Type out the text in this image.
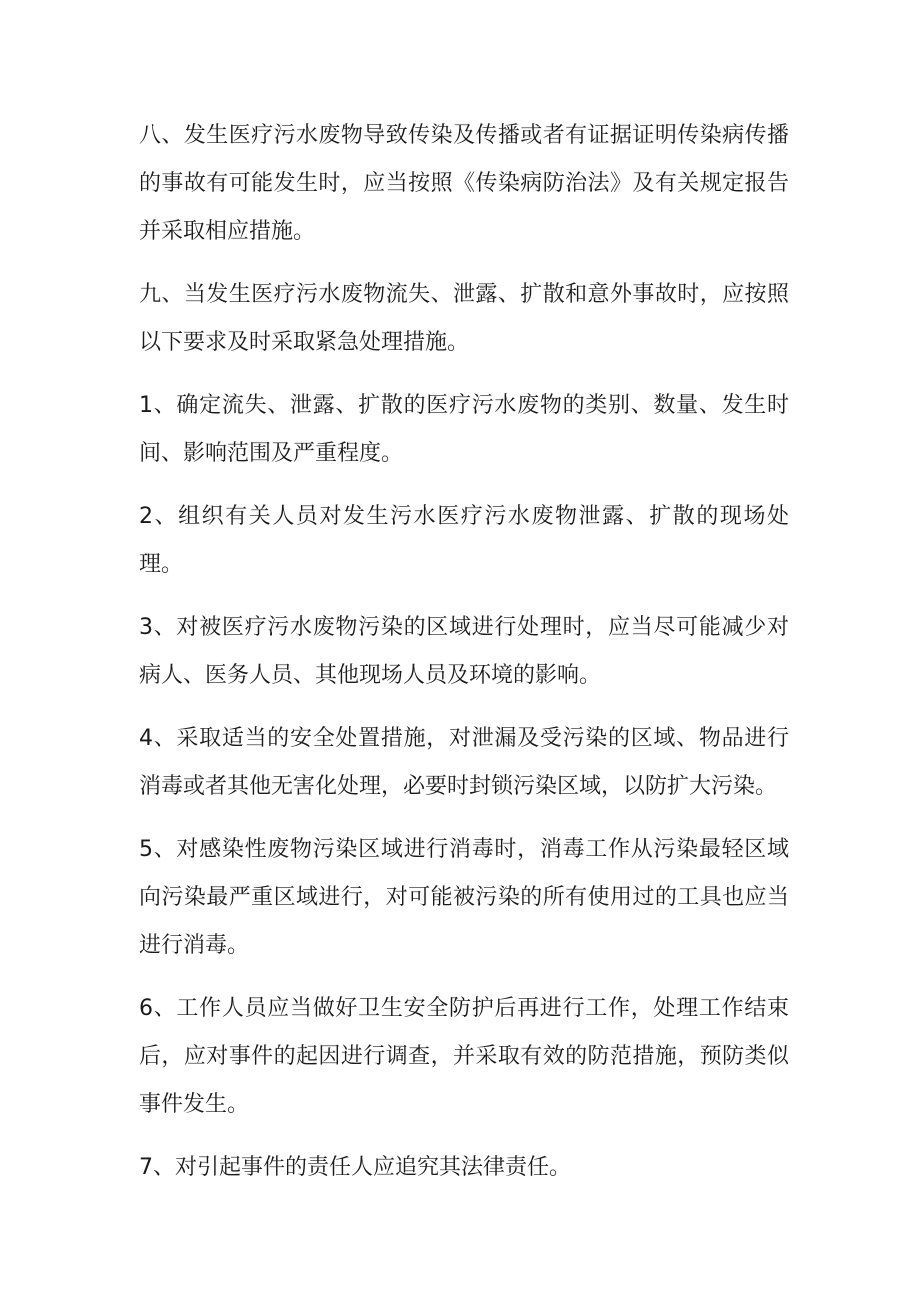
八、发生医疗污水废物导致传染及传播或者有证据证明传染病传播的事故有可能发生时，应当按照《传染病防治法》及有关规定报告并采取相应措施。

九、当发生医疗污水废物流失、泄露、扩散和意外事故时，应按照以下要求及时采取紧急处理措施。

1、确定流失、泄露、扩散的医疗污水废物的类别、数量、发生时间、影响范围及严重程度。

2、组织有关人员对发生污水医疗污水废物泄露、扩散的现场处理。

3、对被医疗污水废物污染的区域进行处理时，应当尽可能减少对病人、医务人员、其他现场人员及环境的影响。

4、采取适当的安全处置措施，对泄漏及受污染的区域、物品进行消毒或者其他无害化处理，必要时封锁污染区域，以防扩大污染。

5、对感染性废物污染区域进行消毒时，消毒工作从污染最轻区域向污染最严重区域进行，对可能被污染的所有使用过的工具也应当进行消毒。

6、工作人员应当做好卫生安全防护后再进行工作，处理工作结束后，应对事件的起因进行调查，并采取有效的防范措施，预防类似事件发生。

7、对引起事件的责任人应追究其法律责任。
